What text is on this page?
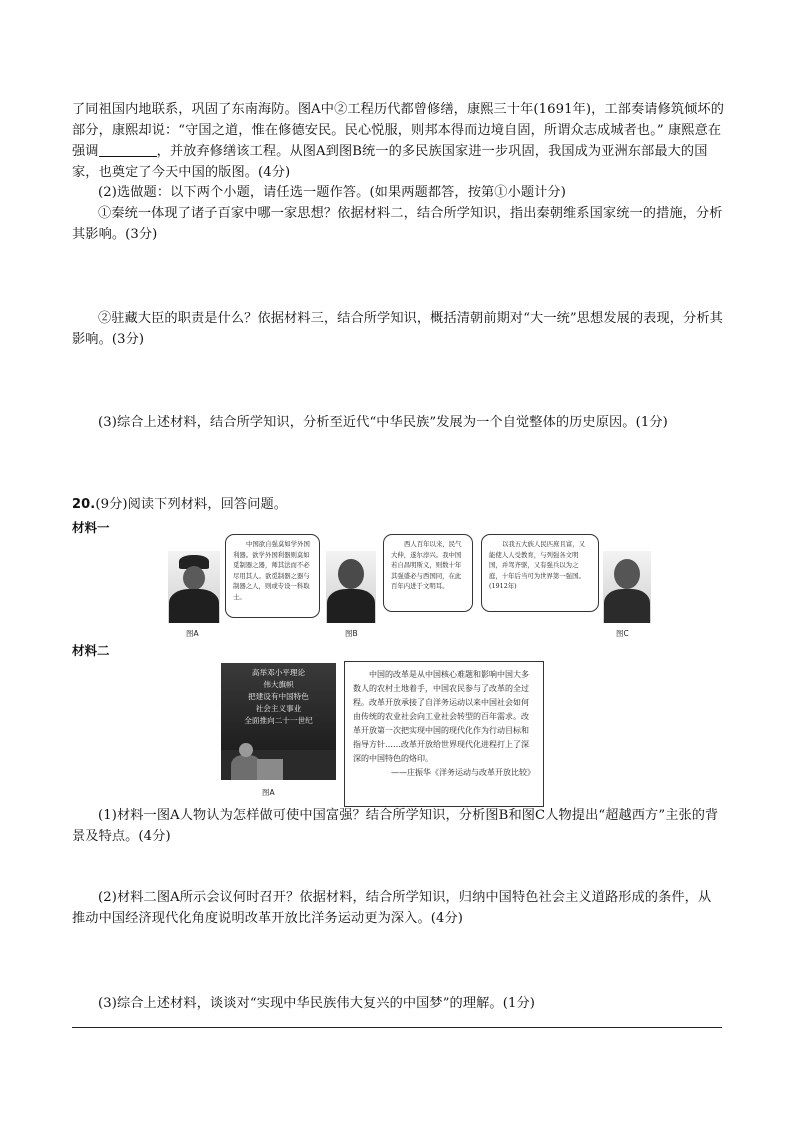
了同祖国内地联系，巩固了东南海防。图A中②工程历代都曾修缮，康熙三十年(1691年)，工部奏请修筑倾坏的部分，康熙却说：“守国之道，惟在修德安民。民心悦服，则邦本得而边境自固，所谓众志成城者也。” 康熙意在强调	，并放弃修缮该工程。从图A到图B统一的多民族国家进一步巩固，我国成为亚洲东部最大的国家，也奠定了今天中国的版图。(4分)

(2)选做题：以下两个小题，请任选一题作答。(如果两题都答，按第①小题计分)

①秦统一体现了诸子百家中哪一家思想？依据材料二，结合所学知识，指出秦朝维系国家统一的措施，分析其影响。(3分)

②驻藏大臣的职责是什么？依据材料三，结合所学知识，概括清朝前期对“大一统”思想发展的表现，分析其影响。(3分)

(3)综合上述材料，结合所学知识，分析至近代“中华民族”发展为一个自觉整体的历史原因。(1分)

20.(9分)阅读下列材料，回答问题。

材料一
中国欲自强莫如学外国利器。欲学外国利器则莫如觅制器之器，师其法而不必尽用其人。欲觅制器之器与制器之人，则或专设一科取士。
图A
西人百年以来，民气大伸，遂尔浡兴。我中国若自昌明斯义，则数十年其强盛必与西国同，在此百年内进于文明耳。
图B
以我五大族人民匹庶且富，又能使人人受教育，与列强各文明国，并驾齐驱，又有强兵以为之庭，十年后当可为世界第一强国。(1912年)
图C
材料二
高举邓小平理论
伟大旗帜
把建设有中国特色
社会主义事业
全面推向二十一世纪
图A

中国的改革是从中国核心难题和影响中国大多数人的农村土地着手，中国农民参与了改革的全过程。改革开放承接了自洋务运动以来中国社会如何由传统的农业社会向工业社会转型的百年需求。改革开放第一次把实现中国的现代化作为行动目标和指导方针……改革开放给世界现代化进程打上了深深的中国特色的烙印。

——庄振华《洋务运动与改革开放比较》

(1)材料一图A人物认为怎样做可使中国富强？结合所学知识，分析图B和图C人物提出“超越西方”主张的背景及特点。(4分)

(2)材料二图A所示会议何时召开？依据材料，结合所学知识，归纳中国特色社会主义道路形成的条件，从推动中国经济现代化角度说明改革开放比洋务运动更为深入。(4分)

(3)综合上述材料，谈谈对“实现中华民族伟大复兴的中国梦”的理解。(1分)
